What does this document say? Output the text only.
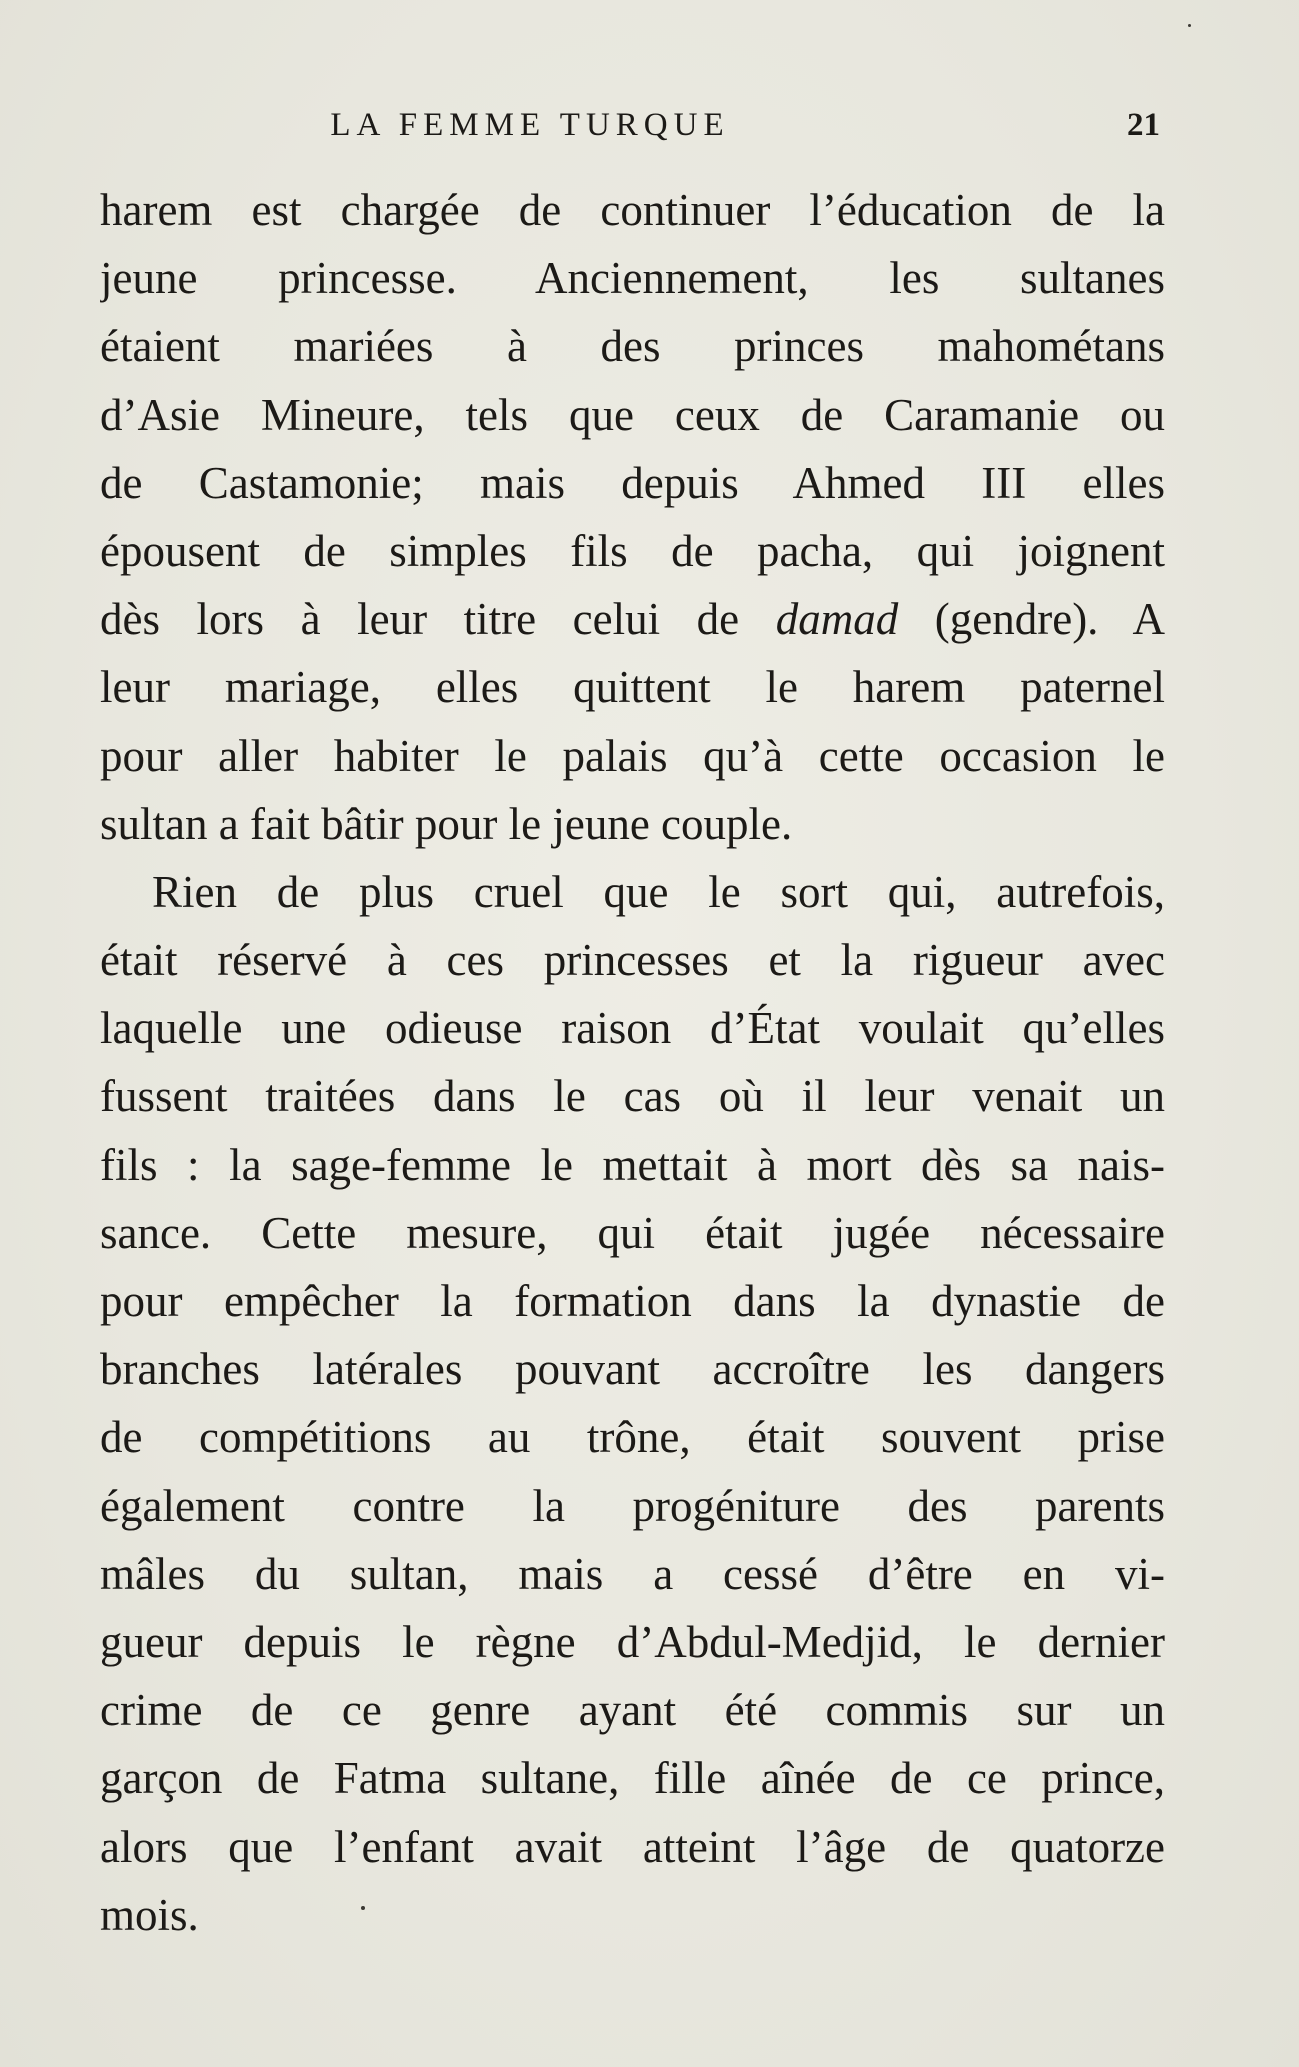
LA FEMME TURQUE	21
harem est chargée de continuer l’éducation de la
jeune princesse. Anciennement, les sultanes
étaient mariées à des princes mahométans
d’Asie Mineure, tels que ceux de Caramanie ou
de Castamonie; mais depuis Ahmed III elles
épousent de simples fils de pacha, qui joignent
dès lors à leur titre celui de damad (gendre). A
leur mariage, elles quittent le harem paternel
pour aller habiter le palais qu’à cette occasion le
sultan a fait bâtir pour le jeune couple.
Rien de plus cruel que le sort qui, autrefois,
était réservé à ces princesses et la rigueur avec
laquelle une odieuse raison d’État voulait qu’elles
fussent traitées dans le cas où il leur venait un
fils : la sage-femme le mettait à mort dès sa nais-
sance. Cette mesure, qui était jugée nécessaire
pour empêcher la formation dans la dynastie de
branches latérales pouvant accroître les dangers
de compétitions au trône, était souvent prise
également contre la progéniture des parents
mâles du sultan, mais a cessé d’être en vi-
gueur depuis le règne d’Abdul-Medjid, le dernier
crime de ce genre ayant été commis sur un
garçon de Fatma sultane, fille aînée de ce prince,
alors que l’enfant avait atteint l’âge de quatorze
mois.
